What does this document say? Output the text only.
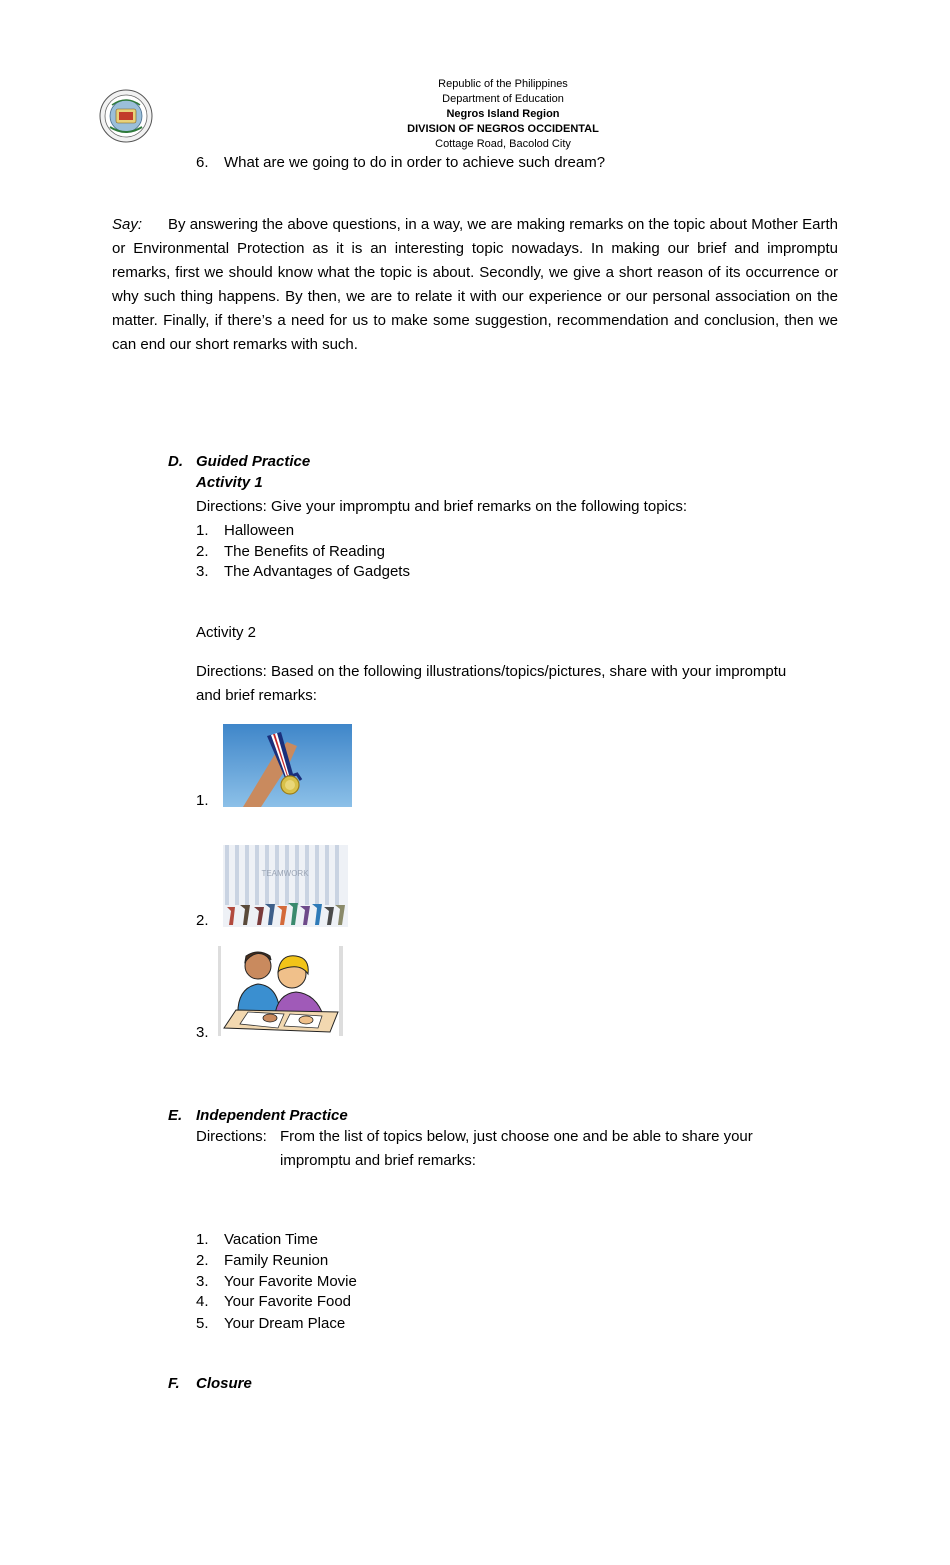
Republic of the Philippines
Department of Education
Negros Island Region
DIVISION OF NEGROS OCCIDENTAL
Cottage Road, Bacolod City
6.	What are we going to do in order to achieve such dream?
Say: By answering the above questions, in a way, we are making remarks on the topic about Mother Earth or Environmental Protection as it is an interesting topic nowadays. In making our brief and impromptu remarks, first we should know what the topic is about. Secondly, we give a short reason of its occurrence or why such thing happens. By then, we are to relate it with our experience or our personal association on the matter. Finally, if there’s a need for us to make some suggestion, recommendation and conclusion, then we can end our short remarks with such.
D. Guided Practice
Activity 1
Directions: Give your impromptu and brief remarks on the following topics:
1.	Halloween
2.	The Benefits of Reading
3.	The Advantages of Gadgets
Activity 2
Directions: Based on the following illustrations/topics/pictures, share with your impromptu
and brief remarks:
1.
2.
TEAMWORK
3.
E. Independent Practice
Directions: From the list of topics below, just choose one and be able to share your
impromptu and brief remarks:
1.	Vacation Time
2.	Family Reunion
3.	Your Favorite Movie
4.	Your Favorite Food
5.	Your Dream Place
F. Closure
